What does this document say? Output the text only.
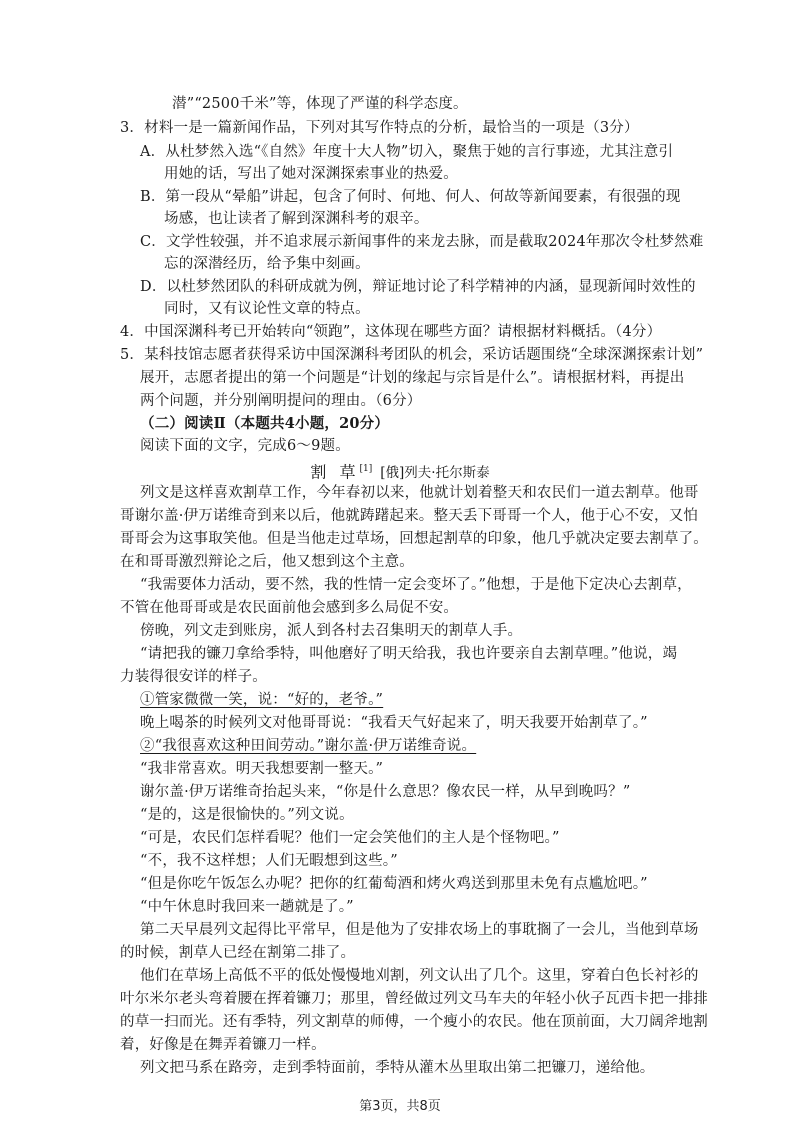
潜”“2500千米”等，体现了严谨的科学态度。
3．材料一是一篇新闻作品，下列对其写作特点的分析，最恰当的一项是（3分）
A．从杜梦然入选“《自然》年度十大人物”切入，聚焦于她的言行事迹，尤其注意引
用她的话，写出了她对深渊探索事业的热爱。
B．第一段从“晕船”讲起，包含了何时、何地、何人、何故等新闻要素，有很强的现
场感，也让读者了解到深渊科考的艰辛。
C．文学性较强，并不追求展示新闻事件的来龙去脉，而是截取2024年那次令杜梦然难
忘的深潜经历，给予集中刻画。
D．以杜梦然团队的科研成就为例，辩证地讨论了科学精神的内涵，显现新闻时效性的
同时，又有议论性文章的特点。
4．中国深渊科考已开始转向“领跑”，这体现在哪些方面？请根据材料概括。（4分）
5．某科技馆志愿者获得采访中国深渊科考团队的机会，采访话题围绕“全球深渊探索计划”
展开，志愿者提出的第一个问题是“计划的缘起与宗旨是什么”。请根据材料，再提出
两个问题，并分别阐明提问的理由。（6分）
（二）阅读Ⅱ（本题共4小题，20分）
阅读下面的文字，完成6～9题。
割 草[1] [俄]列夫·托尔斯泰
列文是这样喜欢割草工作，今年春初以来，他就计划着整天和农民们一道去割草。他哥
哥谢尔盖·伊万诺维奇到来以后，他就踌躇起来。整天丢下哥哥一个人，他于心不安，又怕
哥哥会为这事取笑他。但是当他走过草场，回想起割草的印象，他几乎就决定要去割草了。
在和哥哥激烈辩论之后，他又想到这个主意。
“我需要体力活动，要不然，我的性情一定会变坏了。”他想，于是他下定决心去割草，
不管在他哥哥或是农民面前他会感到多么局促不安。
傍晚，列文走到账房，派人到各村去召集明天的割草人手。
“请把我的镰刀拿给季特，叫他磨好了明天给我，我也许要亲自去割草哩。”他说，竭
力装得很安详的样子。
①管家微微一笑，说：“好的，老爷。”
晚上喝茶的时候列文对他哥哥说：“我看天气好起来了，明天我要开始割草了。”
②“我很喜欢这种田间劳动。”谢尔盖·伊万诺维奇说。
“我非常喜欢。明天我想要割一整天。”
谢尔盖·伊万诺维奇抬起头来，“你是什么意思？像农民一样，从早到晚吗？”
“是的，这是很愉快的。”列文说。
“可是，农民们怎样看呢？他们一定会笑他们的主人是个怪物吧。”
“不，我不这样想；人们无暇想到这些。”
“但是你吃午饭怎么办呢？把你的红葡萄酒和烤火鸡送到那里未免有点尴尬吧。”
“中午休息时我回来一趟就是了。”
第二天早晨列文起得比平常早，但是他为了安排农场上的事耽搁了一会儿，当他到草场
的时候，割草人已经在割第二排了。
他们在草场上高低不平的低处慢慢地刈割，列文认出了几个。这里，穿着白色长衬衫的
叶尔米尔老头弯着腰在挥着镰刀；那里，曾经做过列文马车夫的年轻小伙子瓦西卡把一排排
的草一扫而光。还有季特，列文割草的师傅，一个瘦小的农民。他在顶前面，大刀阔斧地割
着，好像是在舞弄着镰刀一样。
列文把马系在路旁，走到季特面前，季特从灌木丛里取出第二把镰刀，递给他。
第3页，共8页
